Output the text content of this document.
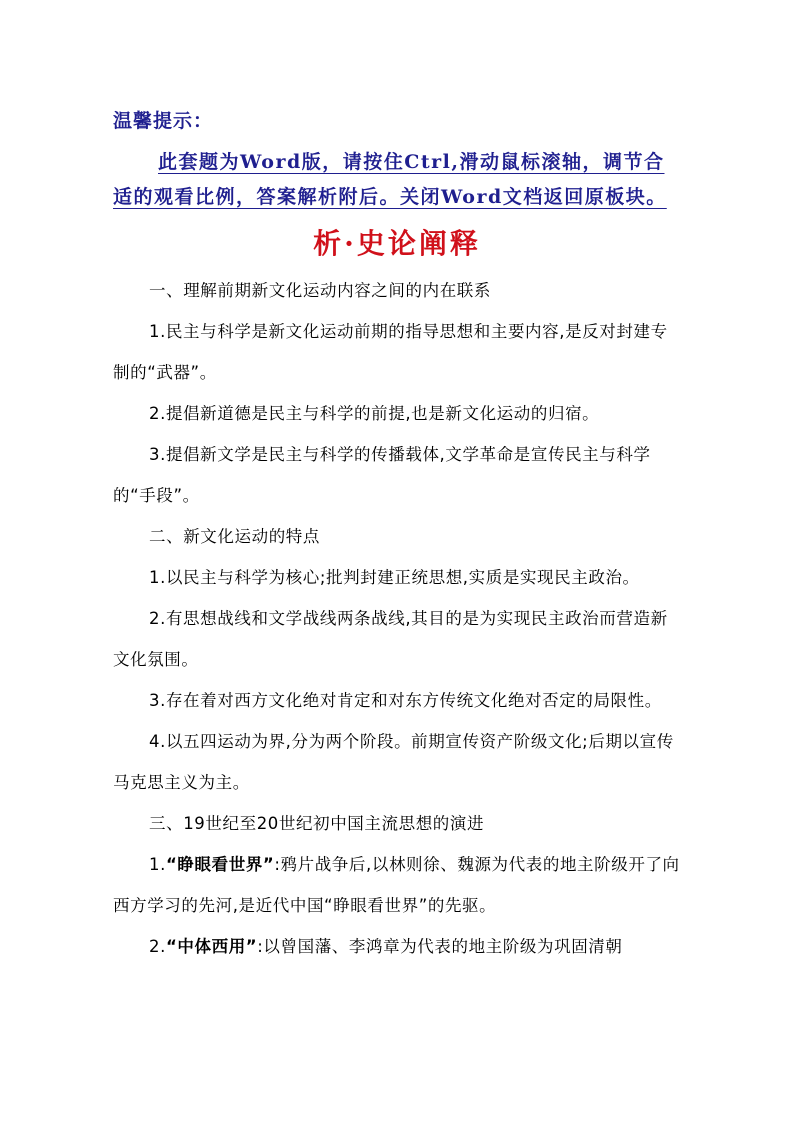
温馨提示：
此套题为Word版，请按住Ctrl,滑动鼠标滚轴，调节合适的观看比例，答案解析附后。关闭Word文档返回原板块。
析·史论阐释

一、理解前期新文化运动内容之间的内在联系

1.民主与科学是新文化运动前期的指导思想和主要内容,是反对封建专制的“武器”。

2.提倡新道德是民主与科学的前提,也是新文化运动的归宿。

3.提倡新文学是民主与科学的传播载体,文学革命是宣传民主与科学的“手段”。

二、新文化运动的特点

1.以民主与科学为核心;批判封建正统思想,实质是实现民主政治。

2.有思想战线和文学战线两条战线,其目的是为实现民主政治而营造新文化氛围。

3.存在着对西方文化绝对肯定和对东方传统文化绝对否定的局限性。

4.以五四运动为界,分为两个阶段。前期宣传资产阶级文化;后期以宣传马克思主义为主。

三、19世纪至20世纪初中国主流思想的演进

1.“睁眼看世界”:鸦片战争后,以林则徐、魏源为代表的地主阶级开了向西方学习的先河,是近代中国“睁眼看世界”的先驱。

2.“中体西用”:以曾国藩、李鸿章为代表的地主阶级为巩固清朝
